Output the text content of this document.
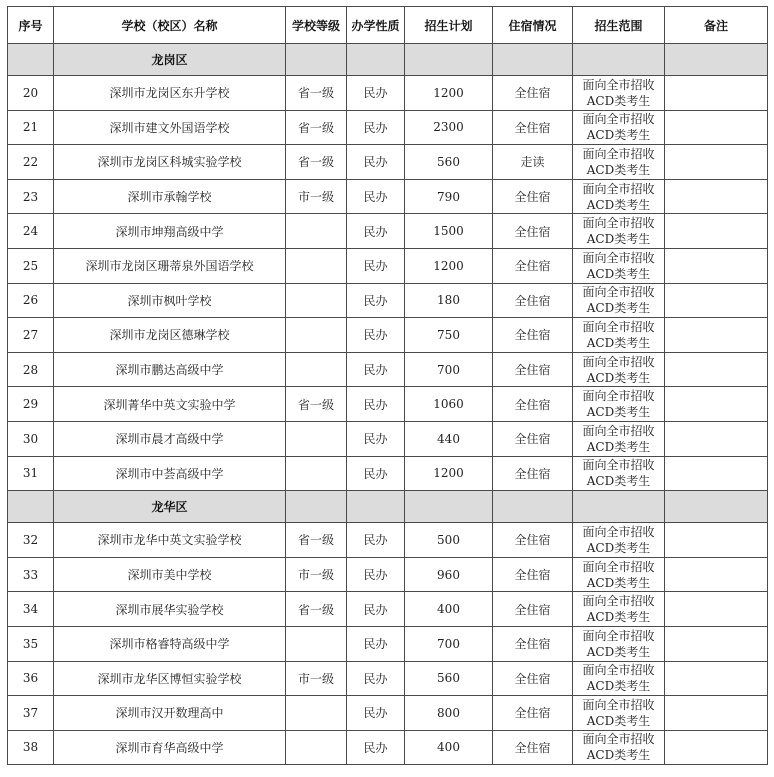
序号	学校（校区）名称	学校等级	办学性质	招生计划	住宿情况	招生范围	备注
	龙岗区						
20	深圳市龙岗区东升学校	省一级	民办	1200	全住宿	面向全市招收
ACD类考生	

21	深圳市建文外国语学校	省一级	民办	2300	全住宿	面向全市招收
ACD类考生	

22	深圳市龙岗区科城实验学校	省一级	民办	560	走读	面向全市招收
ACD类考生	

23	深圳市承翰学校	市一级	民办	790	全住宿	面向全市招收
ACD类考生	

24	深圳市坤翔高级中学		民办	1500	全住宿	面向全市招收
ACD类考生	

25	深圳市龙岗区珊蒂泉外国语学校		民办	1200	全住宿	面向全市招收
ACD类考生	

26	深圳市枫叶学校		民办	180	全住宿	面向全市招收
ACD类考生	

27	深圳市龙岗区德琳学校		民办	750	全住宿	面向全市招收
ACD类考生	

28	深圳市鹏达高级中学		民办	700	全住宿	面向全市招收
ACD类考生	

29	深圳菁华中英文实验中学	省一级	民办	1060	全住宿	面向全市招收
ACD类考生	

30	深圳市晨才高级中学		民办	440	全住宿	面向全市招收
ACD类考生	

31	深圳市中荟高级中学		民办	1200	全住宿	面向全市招收
ACD类考生	

	龙华区						
32	深圳市龙华中英文实验学校	省一级	民办	500	全住宿	面向全市招收
ACD类考生	

33	深圳市美中学校	市一级	民办	960	全住宿	面向全市招收
ACD类考生	

34	深圳市展华实验学校	省一级	民办	400	全住宿	面向全市招收
ACD类考生	

35	深圳市格睿特高级中学		民办	700	全住宿	面向全市招收
ACD类考生	

36	深圳市龙华区博恒实验学校	市一级	民办	560	全住宿	面向全市招收
ACD类考生	

37	深圳市汉开数理高中		民办	800	全住宿	面向全市招收
ACD类考生	

38	深圳市育华高级中学		民办	400	全住宿	面向全市招收
ACD类考生	
